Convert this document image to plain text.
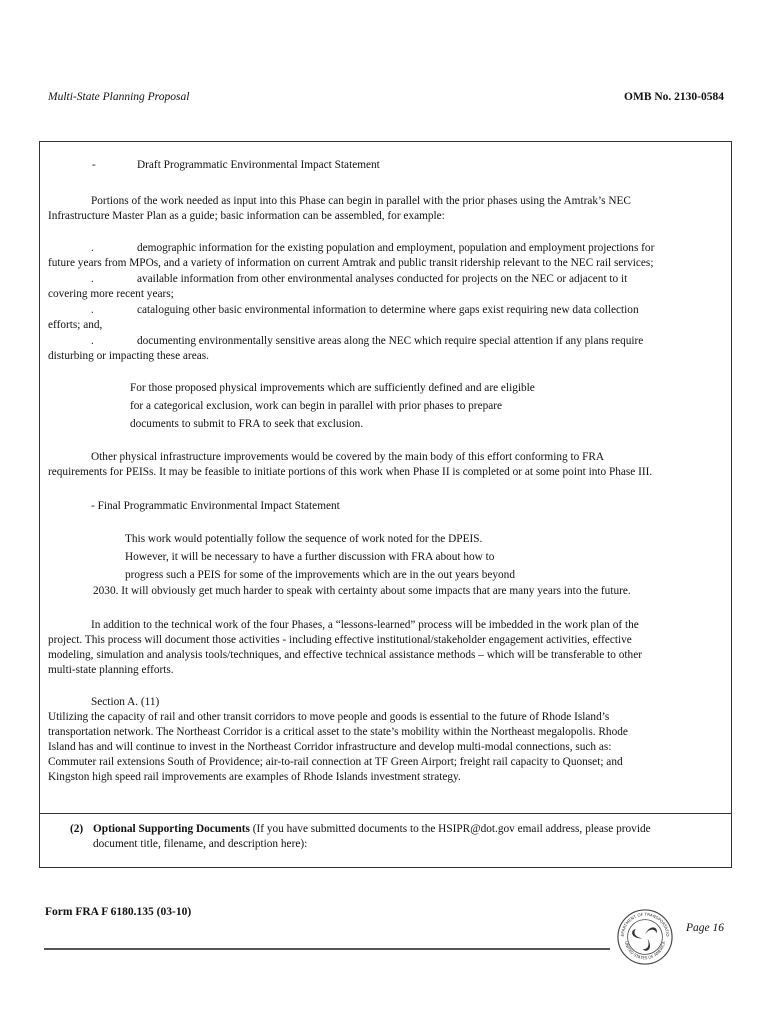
Multi-State Planning Proposal	OMB No. 2130-0584
-	Draft Programmatic Environmental Impact Statement
Portions of the work needed as input into this Phase can begin in parallel with the prior phases using the Amtrak’s NEC
Infrastructure Master Plan as a guide; basic information can be assembled, for example:
.	demographic information for the existing population and employment, population and employment projections for
future years from MPOs, and a variety of information on current Amtrak and public transit ridership relevant to the NEC rail services;
.	available information from other environmental analyses conducted for projects on the NEC or adjacent to it
covering more recent years;
.	cataloguing other basic environmental information to determine where gaps exist requiring new data collection
efforts; and,
.	documenting environmentally sensitive areas along the NEC which require special attention if any plans require
disturbing or impacting these areas.
For those proposed physical improvements which are sufficiently defined and are eligible
for a categorical exclusion, work can begin in parallel with prior phases to prepare
documents to submit to FRA to seek that exclusion.
Other physical infrastructure improvements would be covered by the main body of this effort conforming to FRA
requirements for PEISs. It may be feasible to initiate portions of this work when Phase II is completed or at some point into Phase III.
- Final Programmatic Environmental Impact Statement
This work would potentially follow the sequence of work noted for the DPEIS.
However, it will be necessary to have a further discussion with FRA about how to
progress such a PEIS for some of the improvements which are in the out years beyond
2030. It will obviously get much harder to speak with certainty about some impacts that are many years into the future.
In addition to the technical work of the four Phases, a “lessons-learned” process will be imbedded in the work plan of the
project. This process will document those activities - including effective institutional/stakeholder engagement activities, effective
modeling, simulation and analysis tools/techniques, and effective technical assistance methods – which will be transferable to other
multi-state planning efforts.
Section A. (11)
Utilizing the capacity of rail and other transit corridors to move people and goods is essential to the future of Rhode Island’s
transportation network. The Northeast Corridor is a critical asset to the state’s mobility within the Northeast megalopolis. Rhode
Island has and will continue to invest in the Northeast Corridor infrastructure and develop multi-modal connections, such as:
Commuter rail extensions South of Providence; air-to-rail connection at TF Green Airport; freight rail capacity to Quonset; and
Kingston high speed rail improvements are examples of Rhode Islands investment strategy.
(2) Optional Supporting Documents (If you have submitted documents to the HSIPR@dot.gov email address, please provide
document title, filename, and description here):
Form FRA F 6180.135 (03-10)
Page 16
EPARTMENT OF TRANSPORTATIO
UNITED STATES OF AMERICA
